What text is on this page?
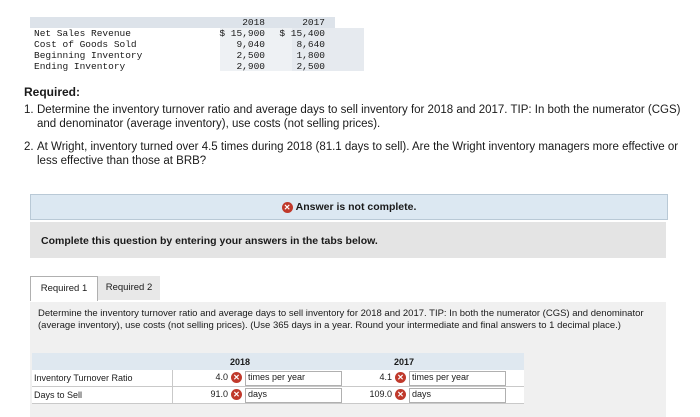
2018	2017
Net Sales Revenue	$ 15,900 $ 15,400
Cost of Goods Sold	9,040	8,640
Beginning Inventory	2,500	1,800
Ending Inventory	2,900	2,500
Required:
1. Determine the inventory turnover ratio and average days to sell inventory for 2018 and 2017. TIP: In both the numerator (CGS) and denominator (average inventory), use costs (not selling prices).
2. At Wright, inventory turned over 4.5 times during 2018 (81.1 days to sell). Are the Wright inventory managers more effective or less effective than those at BRB?
✕ Answer is not complete.
Complete this question by entering your answers in the tabs below.
Required 1	Required 2
Determine the inventory turnover ratio and average days to sell inventory for 2018 and 2017. TIP: In both the numerator (CGS) and denominator (average inventory), use costs (not selling prices). (Use 365 days in a year. Round your intermediate and final answers to 1 decimal place.)
2018	2017
Inventory Turnover Ratio	4.0 ✕ times per year	4.1 ✕ times per year
Days to Sell	91.0 ✕ days	109.0 ✕ days
